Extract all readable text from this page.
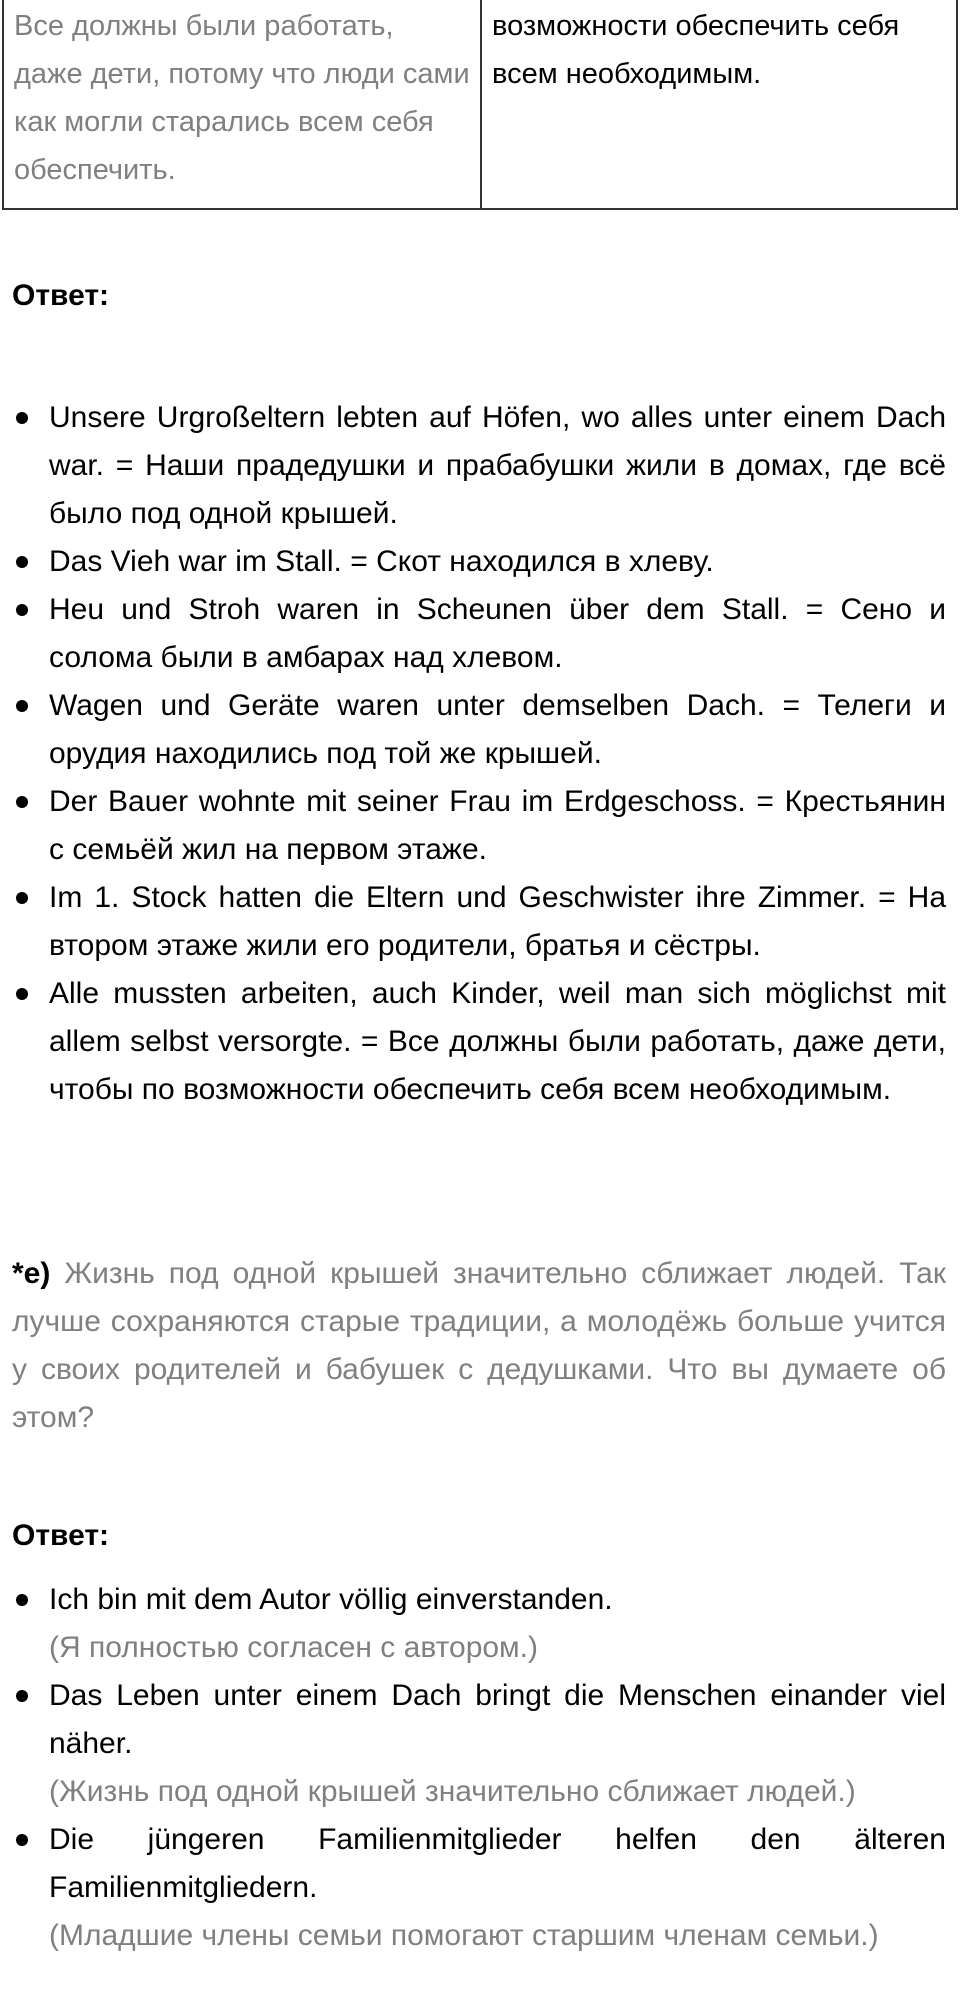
Все должны были работать, даже дети, потому что люди сами как могли старались всем себя обеспечить.
возможности обеспечить себя всем необходимым.

Ответ:

Unsere Urgroßeltern lebten auf Höfen, wo alles unter einem Dach war. = Наши прадедушки и прабабушки жили в домах, где всё было под одной крышей.
Das Vieh war im Stall. = Скот находился в хлеву.
Heu und Stroh waren in Scheunen über dem Stall. = Сено и солома были в амбарах над хлевом.
Wagen und Geräte waren unter demselben Dach. = Телеги и орудия находились под той же крышей.
Der Bauer wohnte mit seiner Frau im Erdgeschoss. = Крестьянин с семьёй жил на первом этаже.
Im 1. Stock hatten die Eltern und Geschwister ihre Zimmer. = На втором этаже жили его родители, братья и сёстры.
Alle mussten arbeiten, auch Kinder, weil man sich möglichst mit allem selbst versorgte. = Все должны были работать, даже дети, чтобы по возможности обеспечить себя всем необходимым.

*е) Жизнь под одной крышей значительно сближает людей. Так лучше сохраняются старые традиции, а молодёжь больше учится у своих родителей и бабушек с дедушками. Что вы думаете об этом?

Ответ:

Ich bin mit dem Autor völlig einverstanden.
(Я полностью согласен с автором.)
Das Leben unter einem Dach bringt die Menschen einander viel näher.
(Жизнь под одной крышей значительно сближает людей.)
Die jüngeren Familienmitglieder helfen den älteren Familienmitgliedern.
(Младшие члены семьи помогают старшим членам семьи.)
